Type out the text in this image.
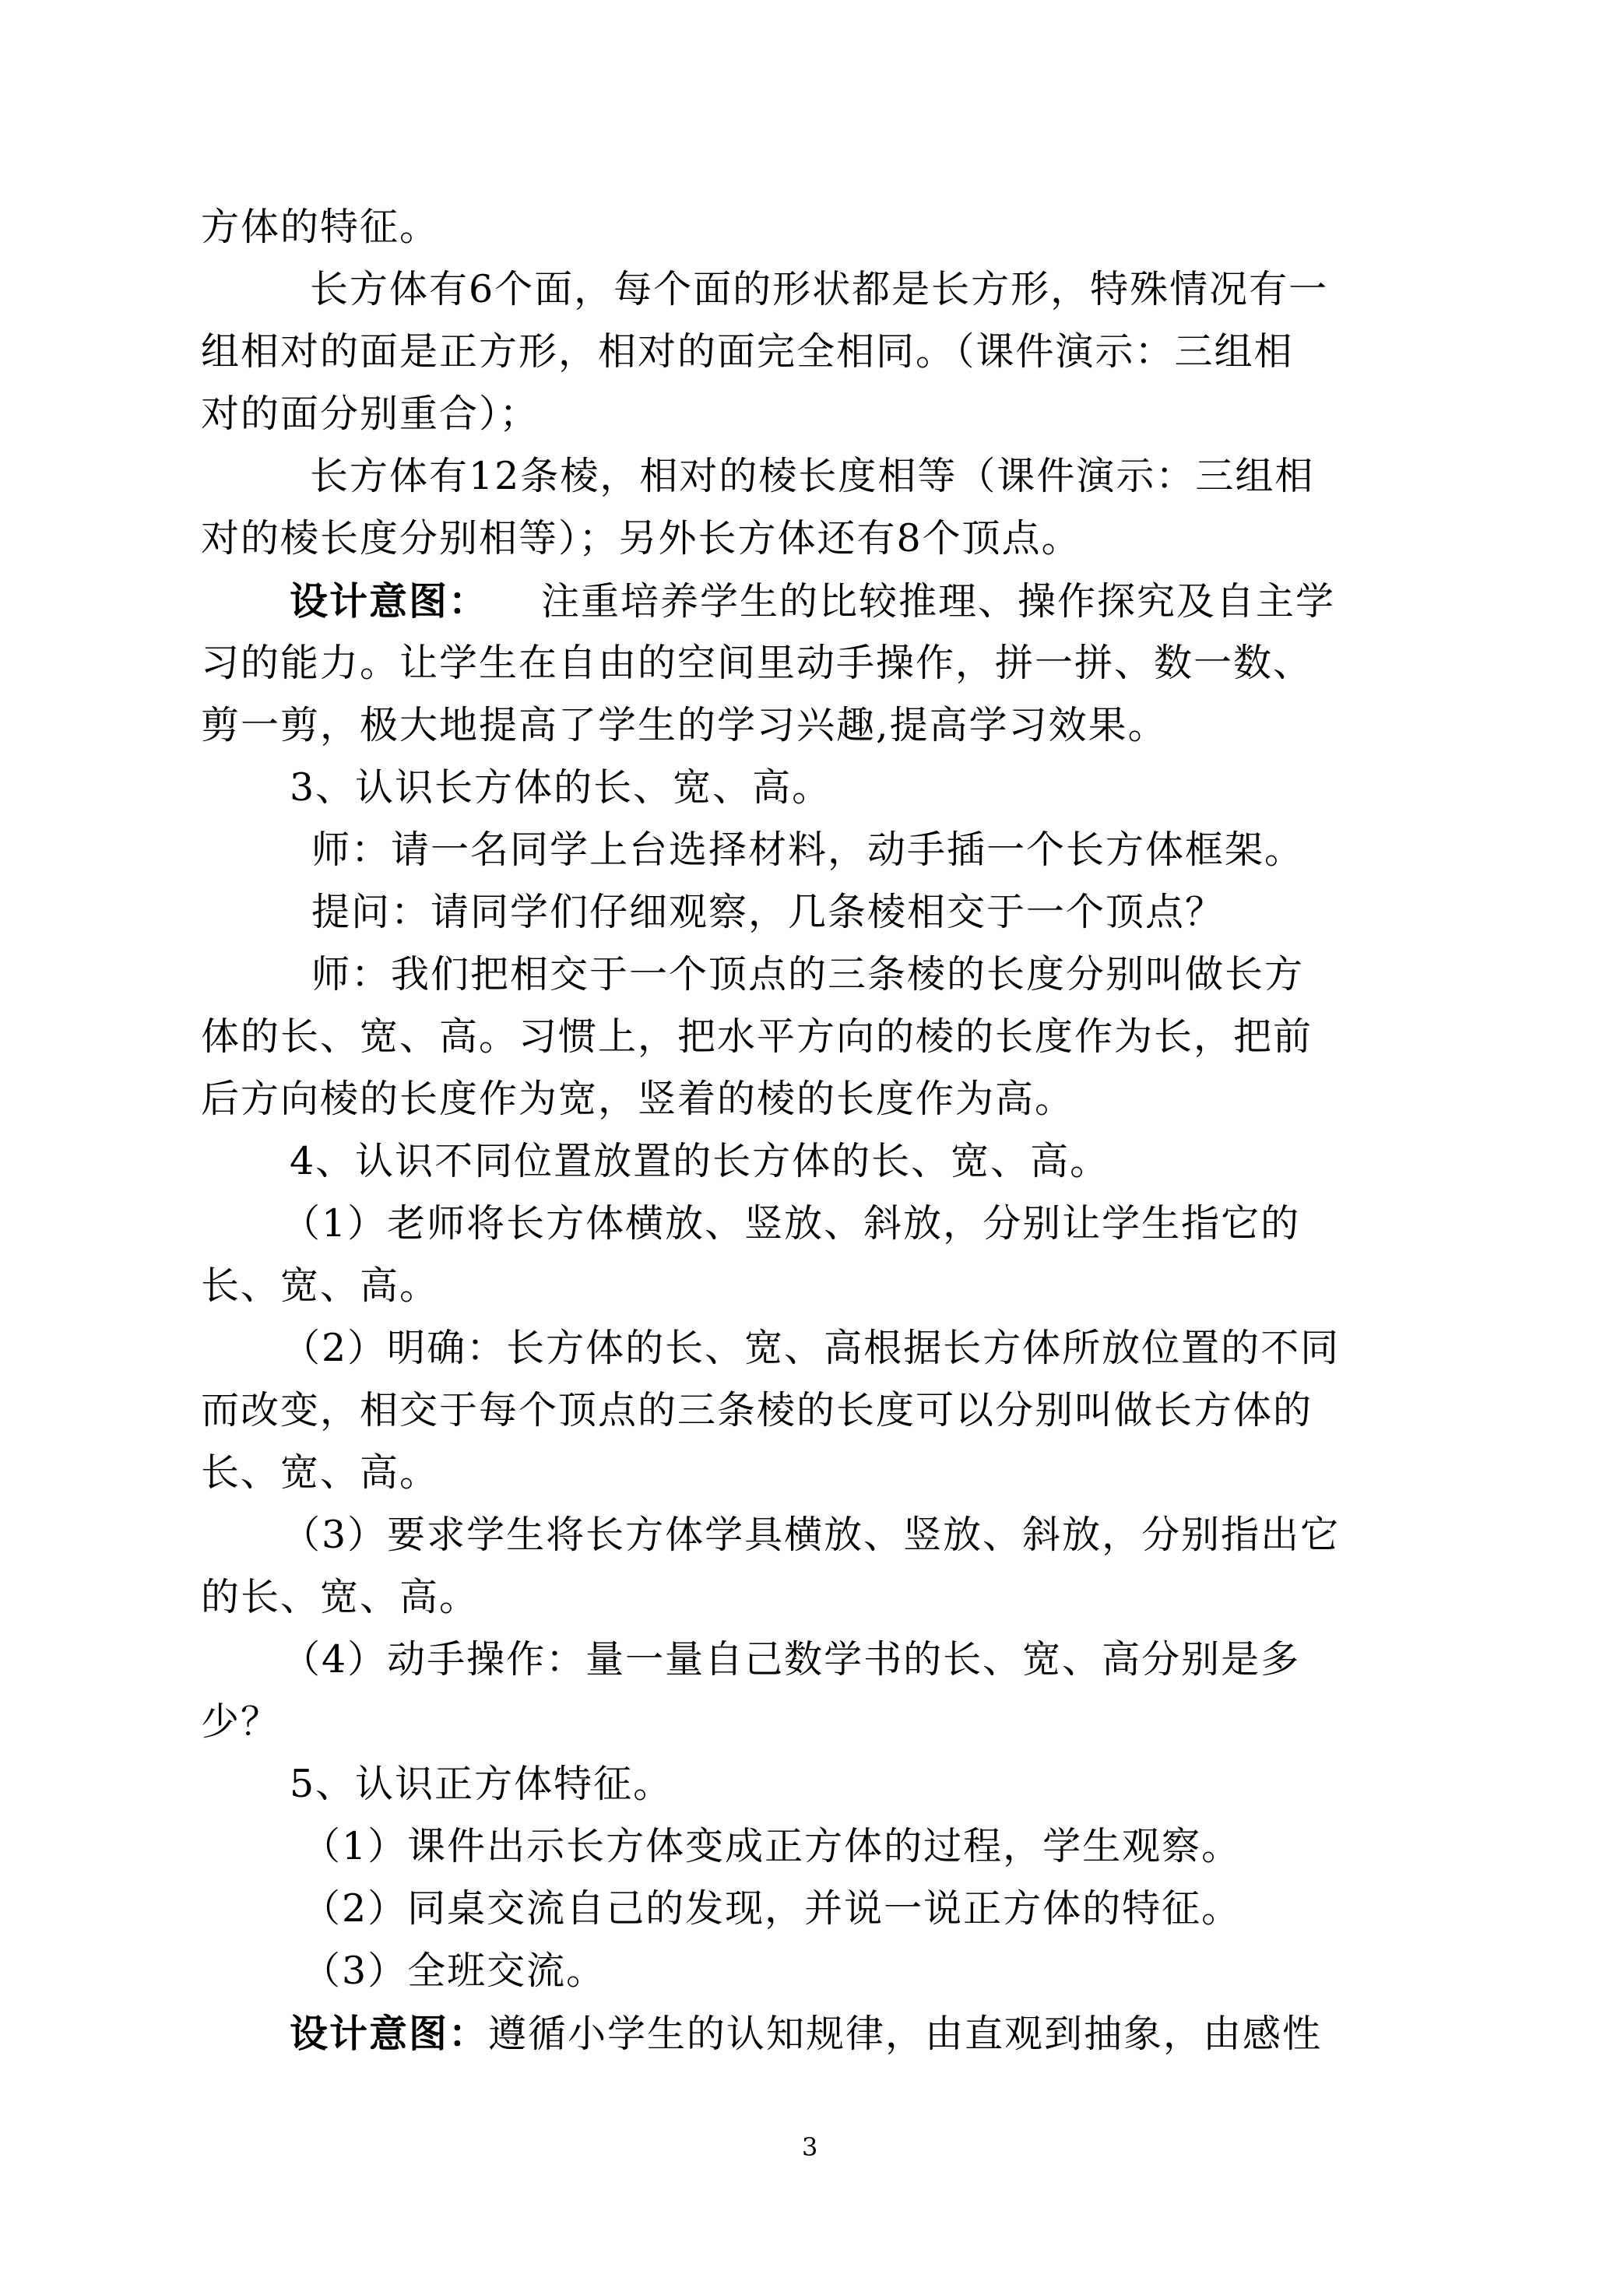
方体的特征。
长方体有6个面，每个面的形状都是长方形，特殊情况有一
组相对的面是正方形，相对的面完全相同。（课件演示：三组相
对的面分别重合）；
长方体有12条棱，相对的棱长度相等（课件演示：三组相
对的棱长度分别相等）；另外长方体还有8个顶点。
设计意图： 注重培养学生的比较推理、操作探究及自主学
习的能力。让学生在自由的空间里动手操作，拼一拼、数一数、
剪一剪，极大地提高了学生的学习兴趣,提高学习效果。
3、认识长方体的长、宽、高。
师：请一名同学上台选择材料，动手插一个长方体框架。
提问：请同学们仔细观察，几条棱相交于一个顶点？
师：我们把相交于一个顶点的三条棱的长度分别叫做长方
体的长、宽、高。习惯上，把水平方向的棱的长度作为长，把前
后方向棱的长度作为宽，竖着的棱的长度作为高。
4、认识不同位置放置的长方体的长、宽、高。
（1）老师将长方体横放、竖放、斜放，分别让学生指它的
长、宽、高。
（2）明确：长方体的长、宽、高根据长方体所放位置的不同
而改变，相交于每个顶点的三条棱的长度可以分别叫做长方体的
长、宽、高。
（3）要求学生将长方体学具横放、竖放、斜放，分别指出它
的长、宽、高。
（4）动手操作：量一量自己数学书的长、宽、高分别是多
少？
5、认识正方体特征。
（1）课件出示长方体变成正方体的过程，学生观察。
（2）同桌交流自己的发现，并说一说正方体的特征。
（3）全班交流。
设计意图：遵循小学生的认知规律，由直观到抽象，由感性
3
